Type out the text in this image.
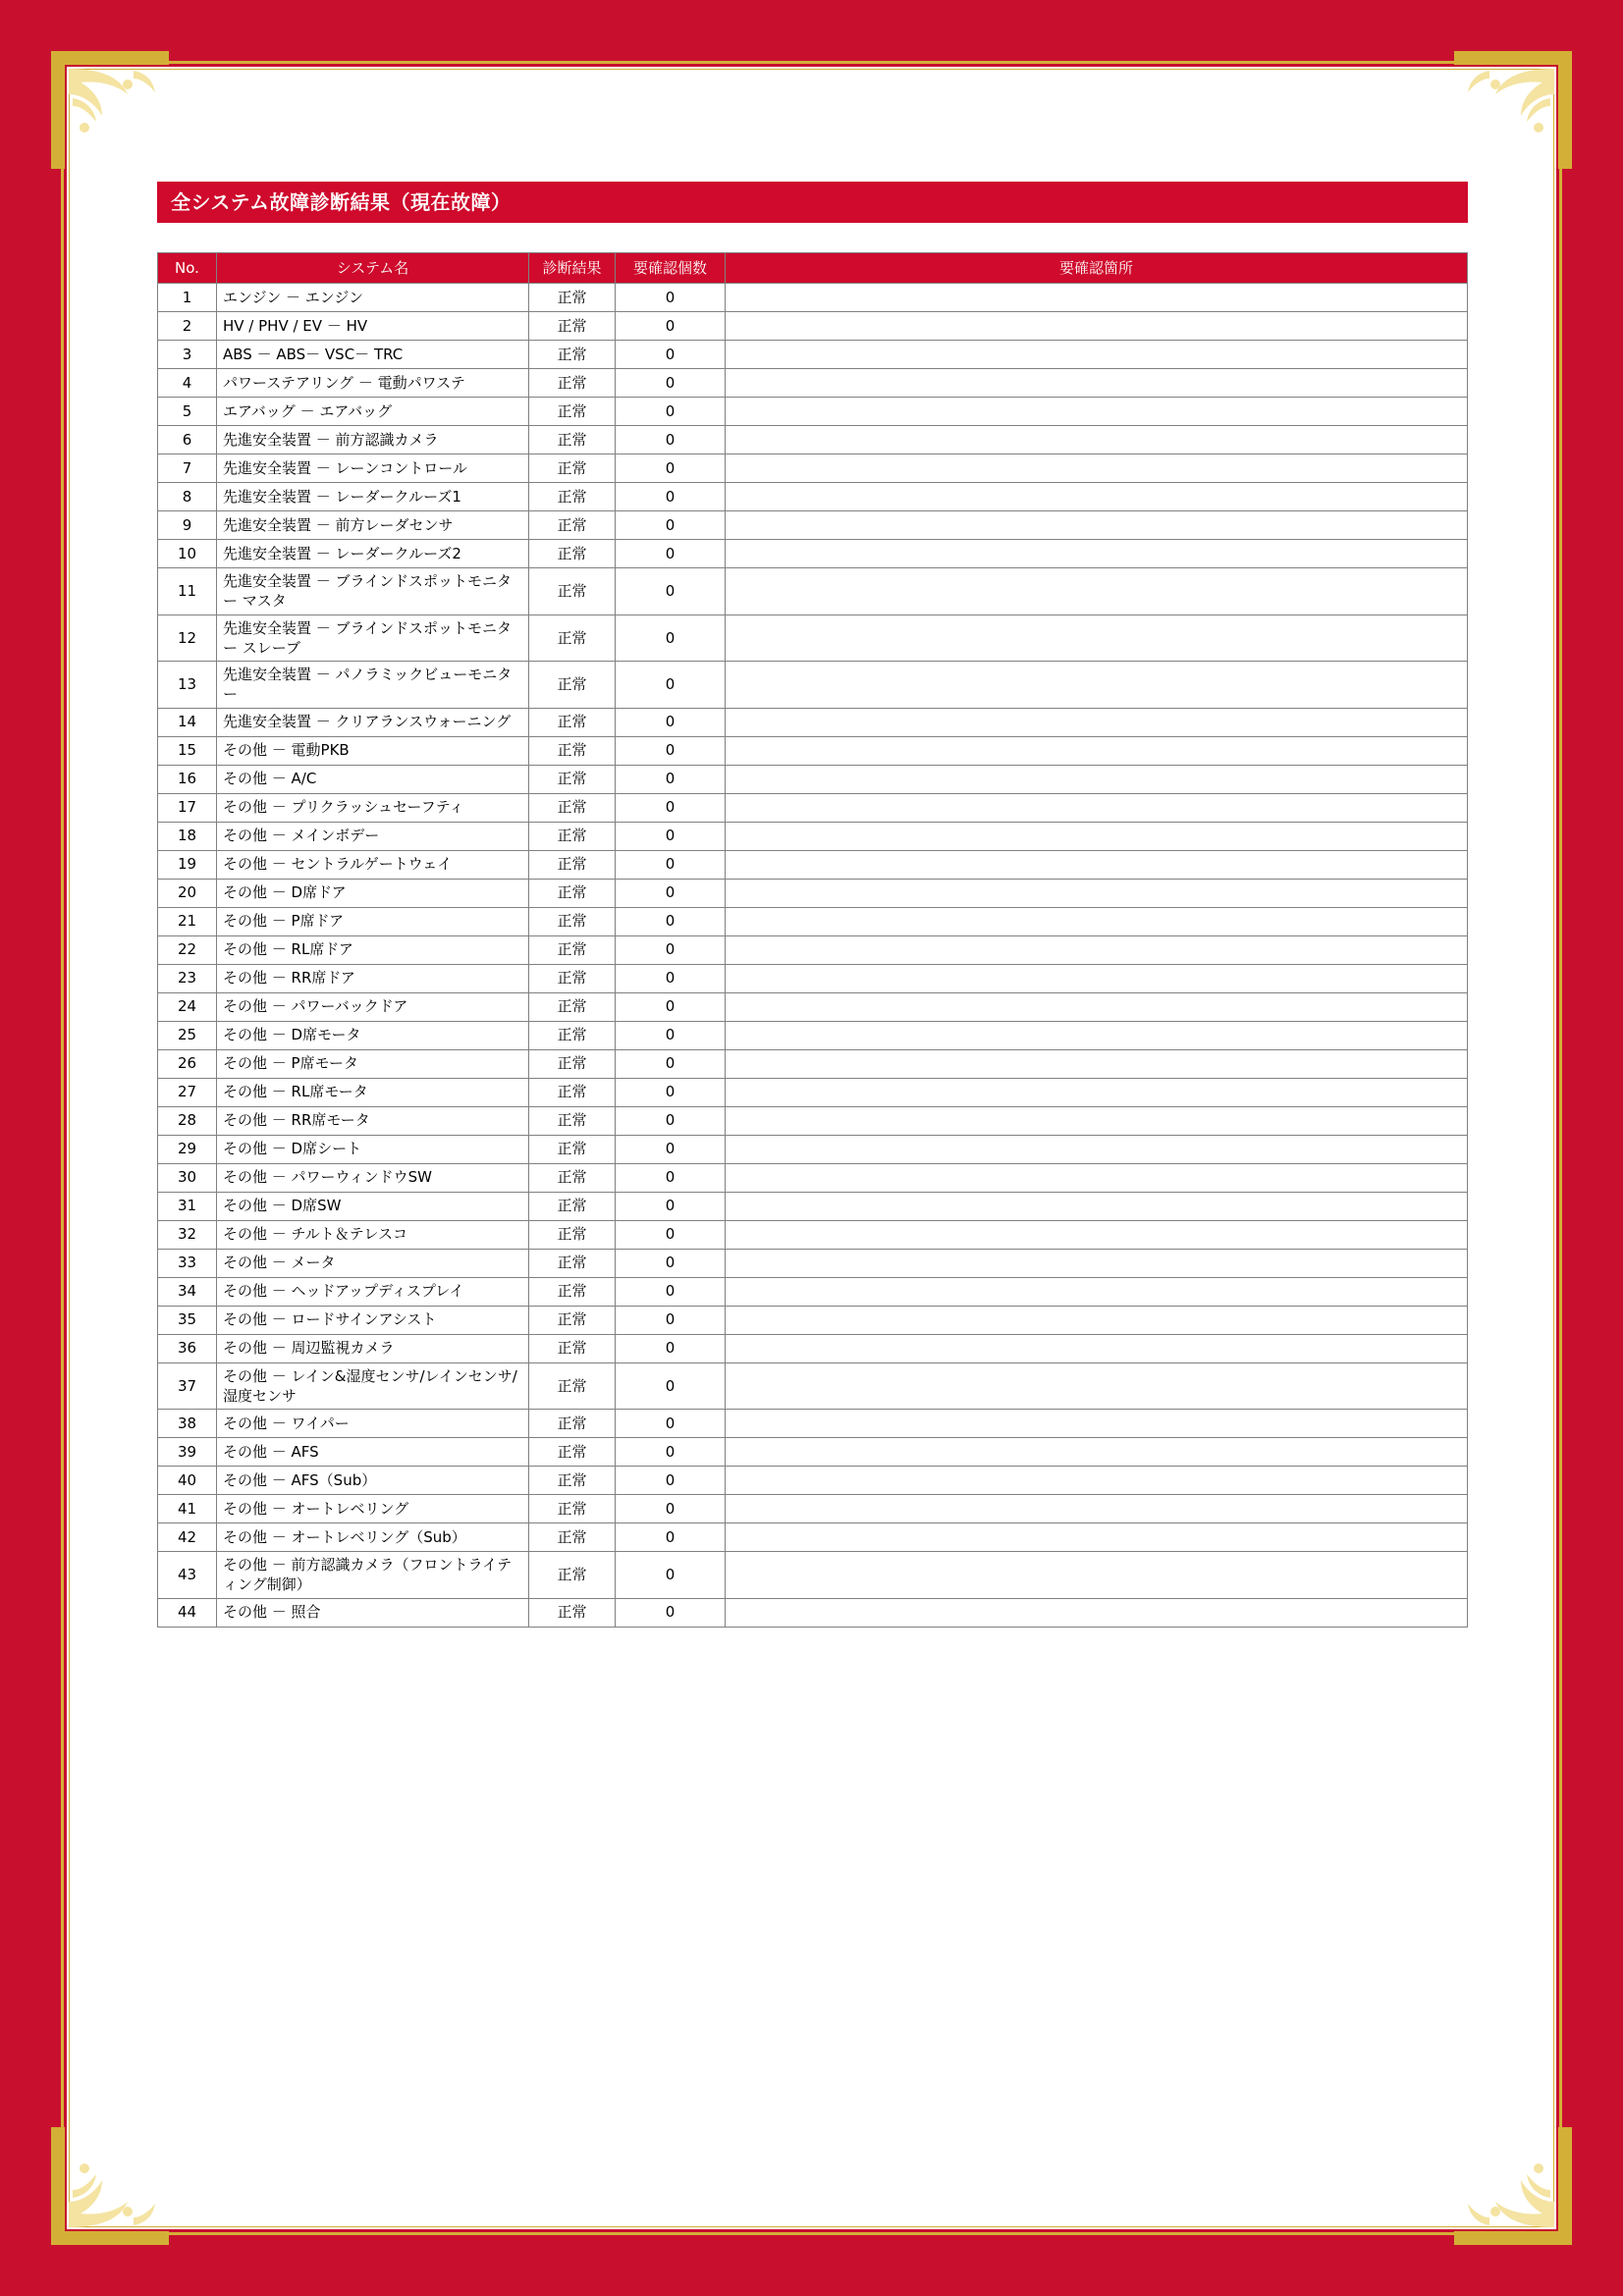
全システム故障診断結果（現在故障）
No.	システム名	診断結果	要確認個数	要確認箇所
1	エンジン － エンジン	正常	0	
2	HV / PHV / EV － HV	正常	0	
3	ABS － ABS－ VSC－ TRC	正常	0	
4	パワーステアリング － 電動パワステ	正常	0	
5	エアバッグ － エアバッグ	正常	0	
6	先進安全装置 － 前方認識カメラ	正常	0	
7	先進安全装置 － レーンコントロール	正常	0	
8	先進安全装置 － レーダークルーズ1	正常	0	
9	先進安全装置 － 前方レーダセンサ	正常	0	
10	先進安全装置 － レーダークルーズ2	正常	0	
11	先進安全装置 － ブラインドスポットモニター マスタ	正常	0	
12	先進安全装置 － ブラインドスポットモニター スレーブ	正常	0	
13	先進安全装置 － パノラミックビューモニター	正常	0	
14	先進安全装置 － クリアランスウォーニング	正常	0	
15	その他 － 電動PKB	正常	0	
16	その他 － A/C	正常	0	
17	その他 － プリクラッシュセーフティ	正常	0	
18	その他 － メインボデー	正常	0	
19	その他 － セントラルゲートウェイ	正常	0	
20	その他 － D席ドア	正常	0	
21	その他 － P席ドア	正常	0	
22	その他 － RL席ドア	正常	0	
23	その他 － RR席ドア	正常	0	
24	その他 － パワーバックドア	正常	0	
25	その他 － D席モータ	正常	0	
26	その他 － P席モータ	正常	0	
27	その他 － RL席モータ	正常	0	
28	その他 － RR席モータ	正常	0	
29	その他 － D席シート	正常	0	
30	その他 － パワーウィンドウSW	正常	0	
31	その他 － D席SW	正常	0	
32	その他 － チルト＆テレスコ	正常	0	
33	その他 － メータ	正常	0	
34	その他 － ヘッドアップディスプレイ	正常	0	
35	その他 － ロードサインアシスト	正常	0	
36	その他 － 周辺監視カメラ	正常	0	
37	その他 － レイン&湿度センサ/レインセンサ/湿度センサ	正常	0	
38	その他 － ワイパー	正常	0	
39	その他 － AFS	正常	0	
40	その他 － AFS（Sub）	正常	0	
41	その他 － オートレベリング	正常	0	
42	その他 － オートレベリング（Sub）	正常	0	
43	その他 － 前方認識カメラ（フロントライティング制御）	正常	0	
44	その他 － 照合	正常	0	
